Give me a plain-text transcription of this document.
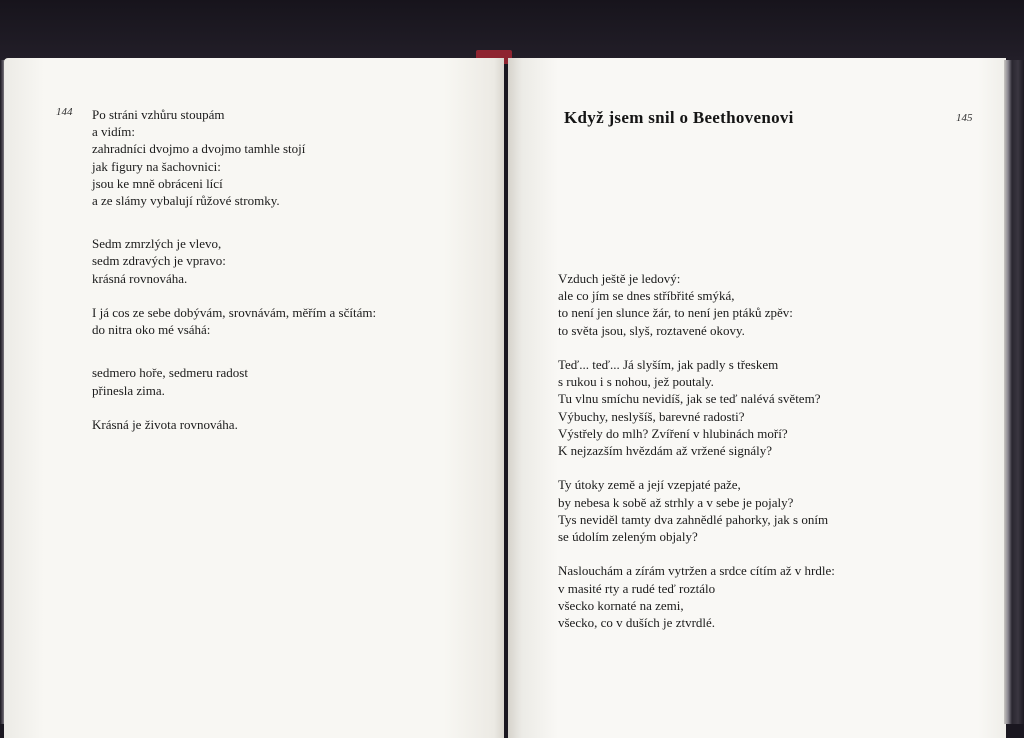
144 Po stráni vzhůru stoupám
a vidím:
zahradníci dvojmo a dvojmo tamhle stojí
jak figury na šachovnici:
jsou ke mně obráceni lící
a ze slámy vybalují růžové stromky.

Sedm zmrzlých je vlevo,
sedm zdravých je vpravo:
krásná rovnováha.

I já cos ze sebe dobývám, srovnávám, měřím a sčítám:
do nitra oko mé vsáhá:

sedmero hoře, sedmeru radost
přinesla zima.

Krásná je života rovnováha.

Když jsem snil o Beethovenovi	145

Vzduch ještě je ledový:
ale co jím se dnes stříbřité smýká,
to není jen slunce žár, to není jen ptáků zpěv:
to světa jsou, slyš, roztavené okovy.

Teď... teď... Já slyším, jak padly s třeskem
s rukou i s nohou, jež poutaly.
Tu vlnu smíchu nevidíš, jak se teď nalévá světem?
Výbuchy, neslyšíš, barevné radosti?
Výstřely do mlh? Zvíření v hlubinách moří?
K nejzazším hvězdám až vržené signály?

Ty útoky země a její vzepjaté paže,
by nebesa k sobě až strhly a v sebe je pojaly?
Tys neviděl tamty dva zahnědlé pahorky, jak s oním
se údolím zeleným objaly?

Naslouchám a zírám vytržen a srdce cítím až v hrdle:
v masité rty a rudé teď roztálo
všecko kornaté na zemi,
všecko, co v duších je ztvrdlé.
